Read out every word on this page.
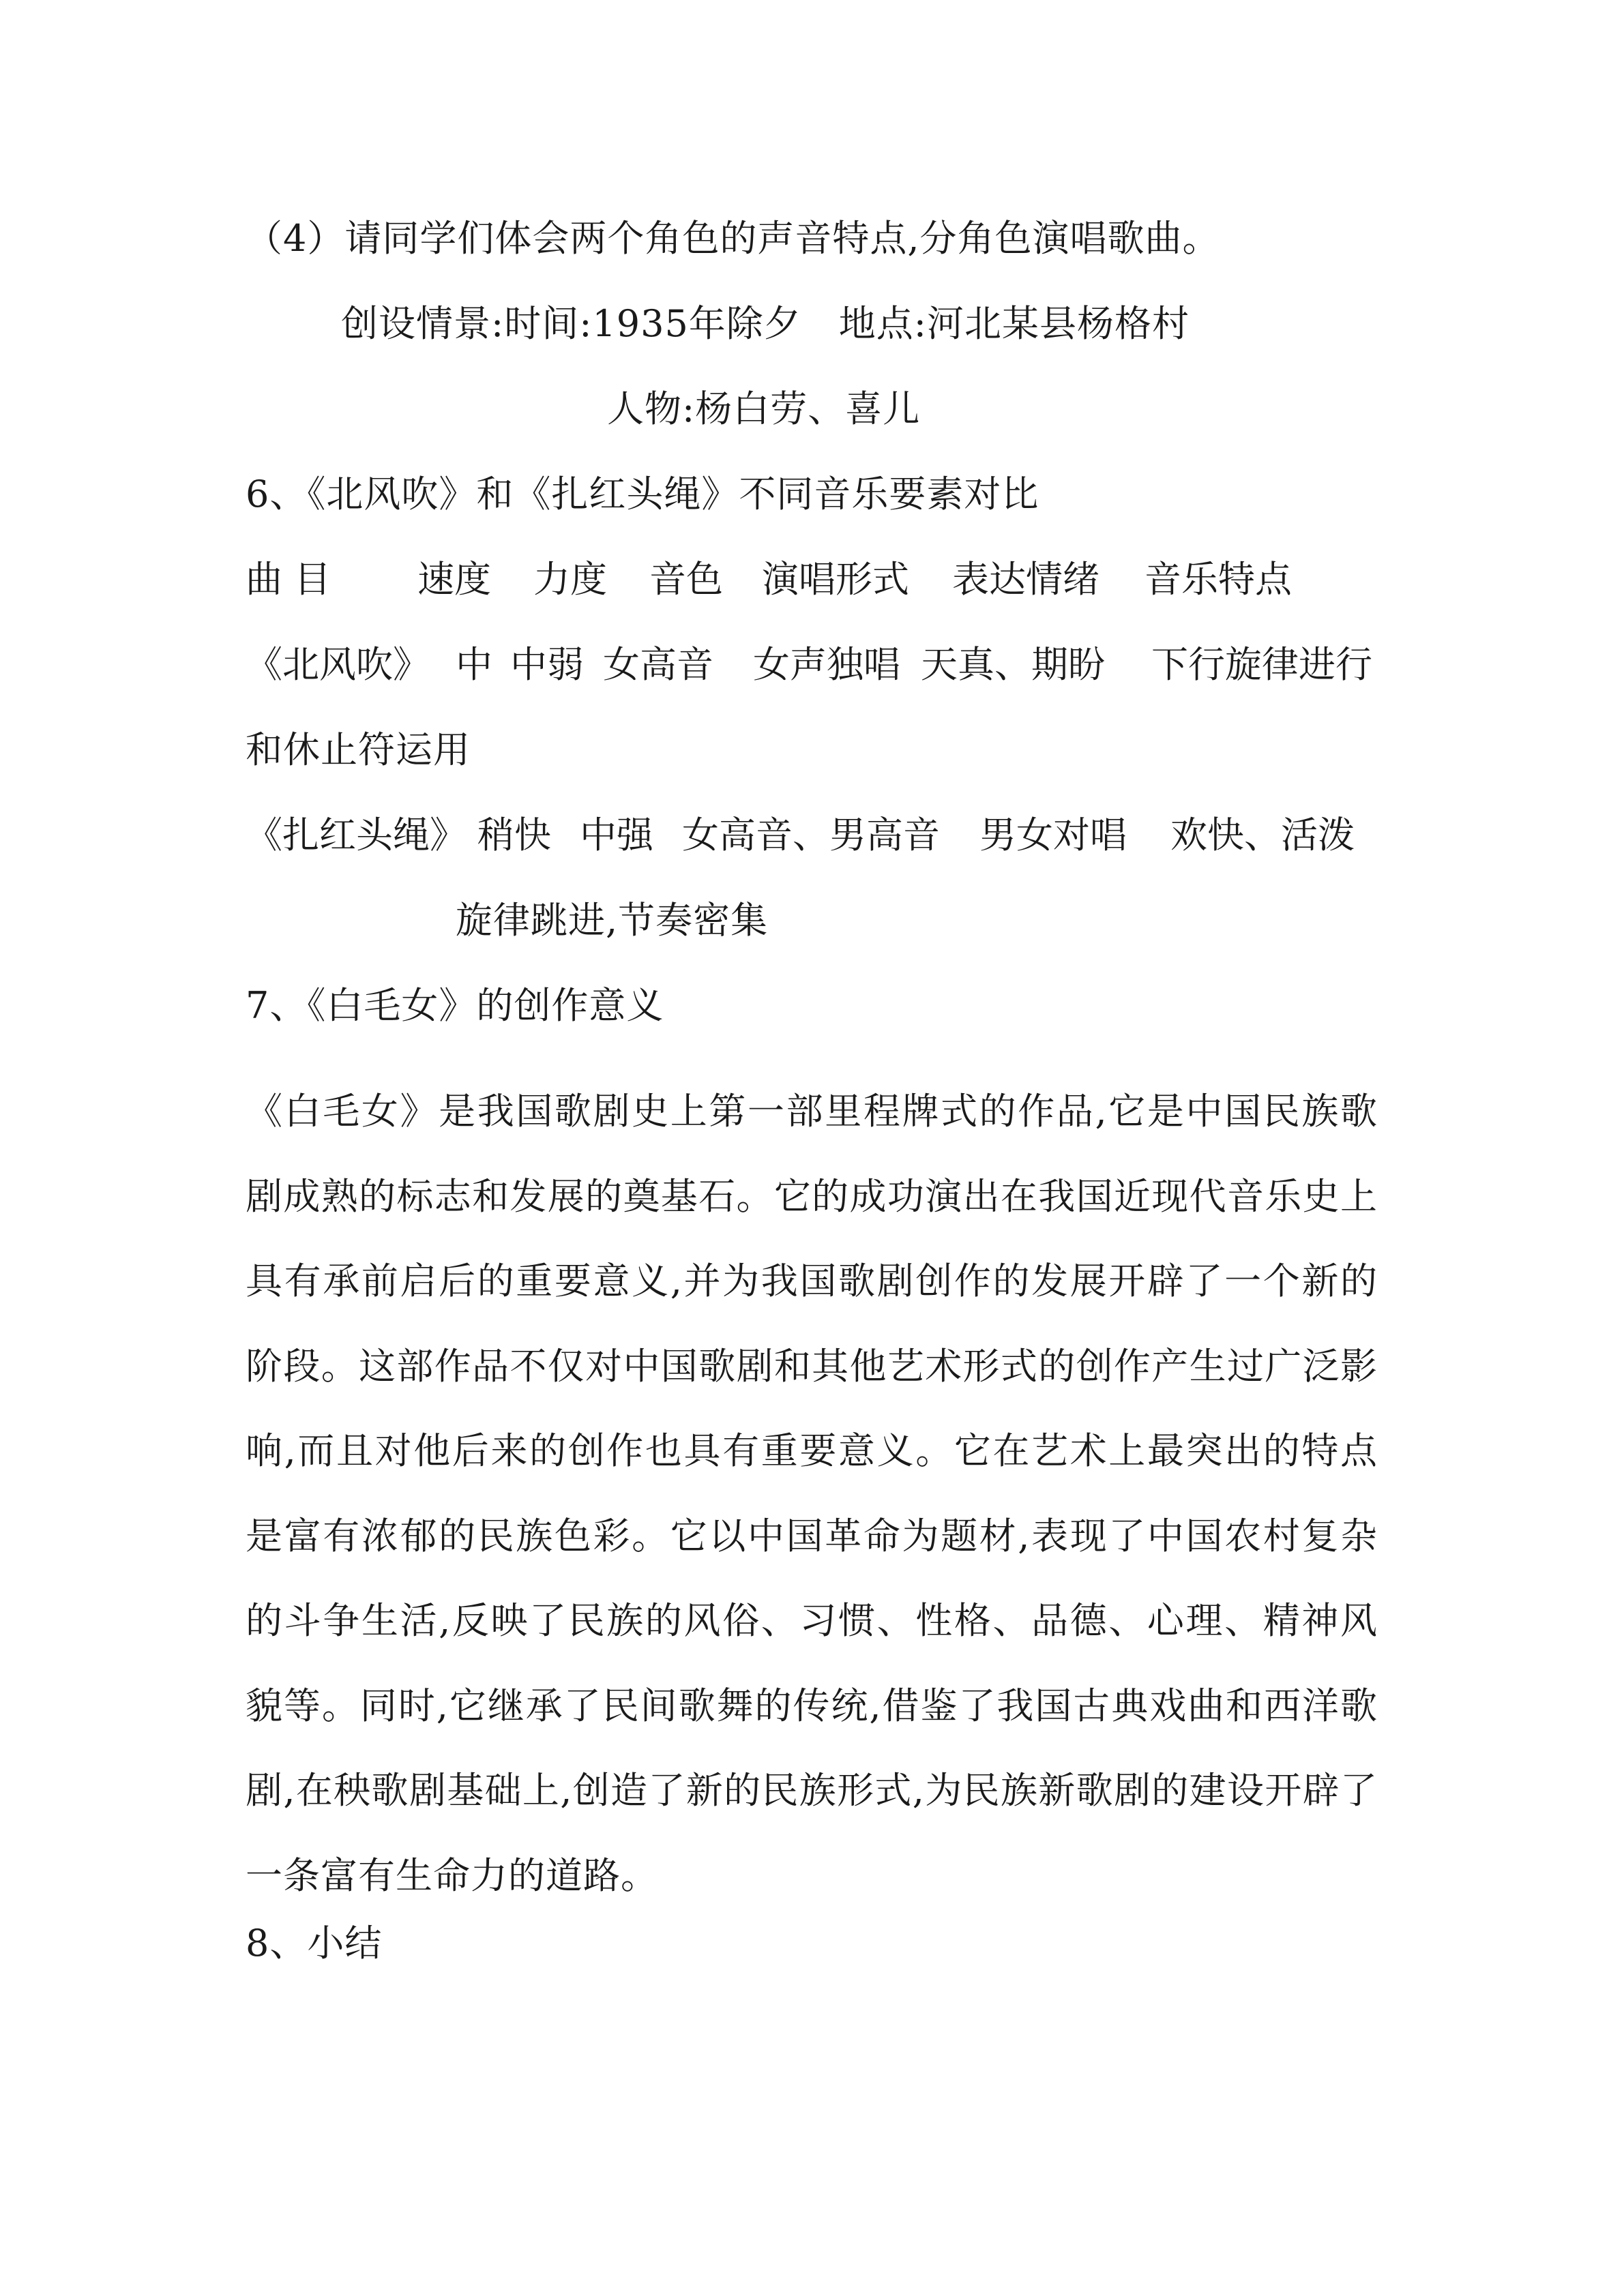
（4）请同学们体会两个角色的声音特点,分角色演唱歌曲。
创设情景:时间:1935年除夕　地点:河北某县杨格村
人物:杨白劳、喜儿
6、《北风吹》和《扎红头绳》不同音乐要素对比
曲 目 速度 力度 音色 演唱形式 表达情绪 音乐特点
《北风吹》 中 中弱 女高音 女声独唱 天真、期盼 下行旋律进行
和休止符运用
《扎红头绳》 稍快 中强 女高音、男高音 男女对唱 欢快、活泼
旋律跳进,节奏密集
7、《白毛女》的创作意义
《白毛女》是我国歌剧史上第一部里程牌式的作品,它是中国民族歌剧成熟的标志和发展的奠基石。它的成功演出在我国近现代音乐史上具有承前启后的重要意义,并为我国歌剧创作的发展开辟了一个新的阶段。这部作品不仅对中国歌剧和其他艺术形式的创作产生过广泛影响,而且对他后来的创作也具有重要意义。它在艺术上最突出的特点是富有浓郁的民族色彩。它以中国革命为题材,表现了中国农村复杂的斗争生活,反映了民族的风俗、习惯、性格、品德、心理、精神风貌等。同时,它继承了民间歌舞的传统,借鉴了我国古典戏曲和西洋歌剧,在秧歌剧基础上,创造了新的民族形式,为民族新歌剧的建设开辟了一条富有生命力的道路。
8、小结
